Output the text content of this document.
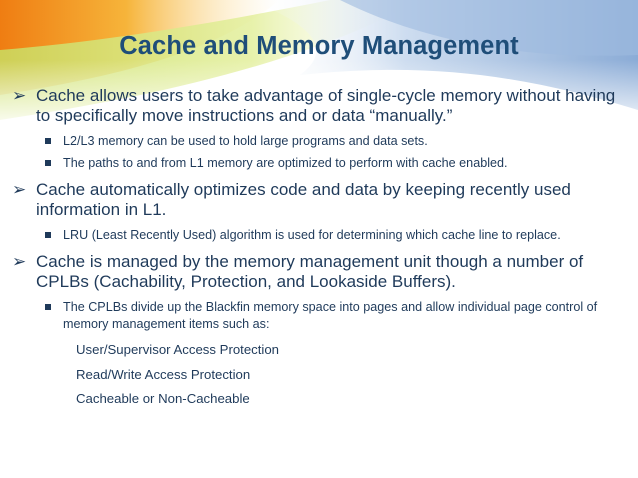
Cache and Memory Management
➢ Cache allows users to take advantage of single-cycle memory without having to specifically move instructions and or data “manually.”
L2/L3 memory can be used to hold large programs and data sets.
The paths to and from L1 memory are optimized to perform with cache enabled.
➢ Cache automatically optimizes code and data by keeping recently used information in L1.
LRU (Least Recently Used) algorithm is used for determining which cache line to replace.
➢ Cache is managed by the memory management unit though a number of CPLBs (Cachability, Protection, and Lookaside Buffers).
The CPLBs divide up the Blackfin memory space into pages and allow individual page control of memory management items such as:
User/Supervisor Access Protection
Read/Write Access Protection
Cacheable or Non-Cacheable
